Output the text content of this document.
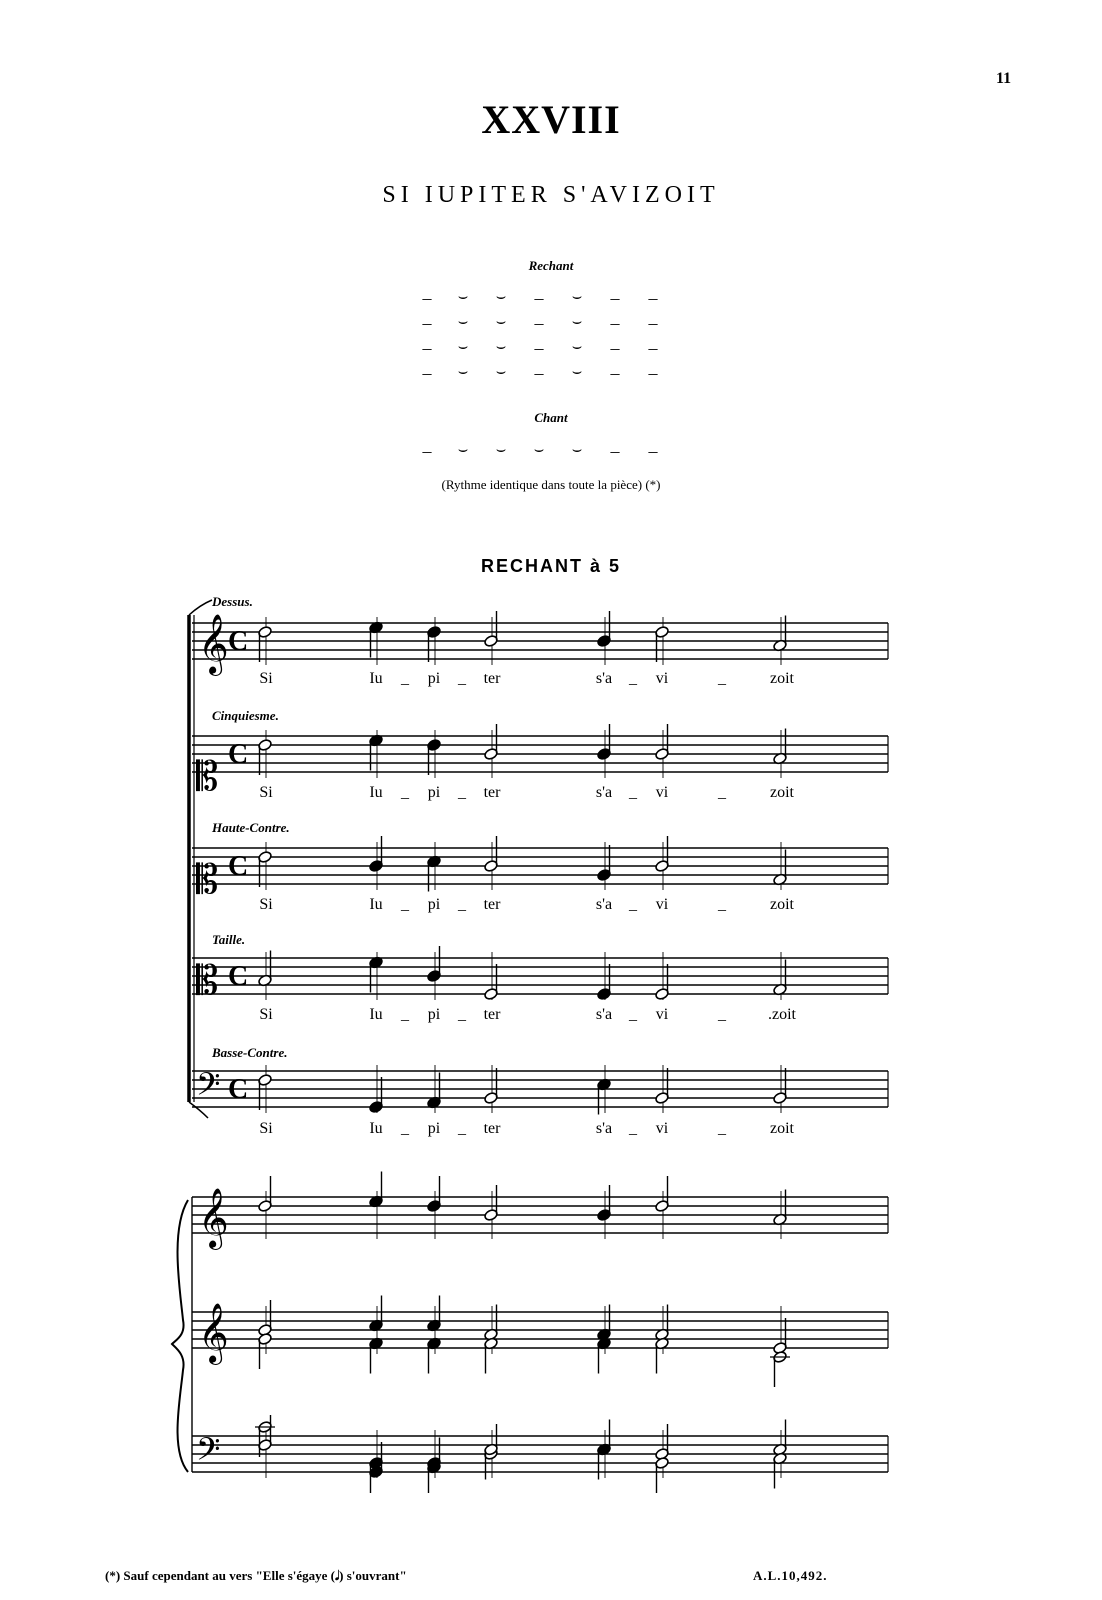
11
XXVIII
SI IUPITER S'AVIZOIT
Rechant
– ⌣ ⌣ – ⌣ – –
– ⌣ ⌣ – ⌣ – –
– ⌣ ⌣ – ⌣ – –
– ⌣ ⌣ – ⌣ – –
Chant
– ⌣ ⌣ ⌣ ⌣ – –
(Rythme identique dans toute la pièce) (*)
RECHANT à 5
𝄞 C
𝄡 C
𝄡 C
𝄡 C
𝄢 C
𝄞
𝄞
𝄢
Dessus.
Cinquiesme.
Haute-Contre.
Taille.
Basse-Contre.
Si	Iu _ pi _ ter	s'a _ vi	_	zoit
Si	Iu _ pi _ ter	s'a _ vi	_	zoit
Si	Iu _ pi _ ter	s'a _ vi	_	zoit
Si	Iu _ pi _ ter	s'a _ vi	_	.zoit
Si	Iu _ pi _ ter	s'a _ vi	_	zoit
(*) Sauf cependant au vers "Elle s'égaye (𝅘𝅥) s'ouvrant"	A.L.10,492.
